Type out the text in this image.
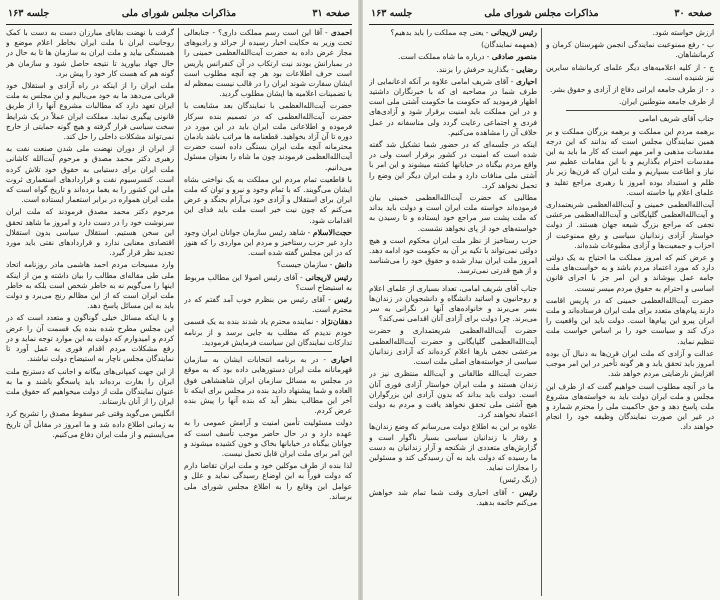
صفحه ۳۱
مذاکرات مجلس شورای ملی
جلسه ۱۶۳

احمدی - آقا این است رسم مملکت داری؟ - جنابعالی تحت وزیر به حکایت اخبار رسیده از جرائد و رادیوهای مجاز عرض داده به حضرت آیت‌الله‌العظمی خمینی را در بمبارانش بودند نیت ارتکاب در آن کنفرانس پاریس است حرف اطلاعات بود هر چه آنچه مطلوب است ایشان سفارت شوند ایران را در قالب نیست بمعظم له با تضمینات اعلامیه ها ایشان مطلوب گردید.

حضرت آیت‌الله‌العظمی با نمایندگان بعد مشایعت با حضرت آیت‌الله‌العظمی که در تصمیم بنده سرکار فرموده و اطلاعاتی ملت ایران باید در این مورد در دوره تا آن آزاد بخواهید. قطعنامه ها مراتب باشد بادمان محترمانه آنچه ملت ایران بستگی داده است حضرت آیت‌الله‌العظمی فرمودند چون ما شاه را بعنوان مسئول می‌دانیم.

با قاطعیت تمام مردم این مملکت به یک نواختی بشاه ایشان می‌گویند. که با تمام وجود و نیرو و توان که ملت ایران برای استقلال و آزادی خود بی‌آرام بجنگد و عرض می‌کنم که چون نیت خیر است ملت باید فدای این اقدامات شود.

حجت‌الاسلام - شاهد رئیس سازمان جوانان ایران وجود دارد غیر حزب رستاخیز و مردم این مواردی را که هنوز که در این مجلس گفته شده است.

دانش - سازمان جیست؟

رئیس لاریجانی - آقای رئیس اصولا این مطالب مربوط به استیضاح است؟

رئیس - آقای رئیس من بنظرم خوب آمد گفتم که در محترم است.

دهقان‌نژاد - نماینده محترم یاد شدند بنده به یک قسمی خودم ندیدم که مطلب به جایی برسد و از برنامه تدارکات نمایندگان این سیاست فرمایش فرمودید.

احیاری - در به برنامه انتخابات ایشان به سازمان قهرمانانه ملت ایران دستورهایی داده بود که به موقع در مجلس به مسائل سازمان ایران شاهنشاهی فوق العاده و شما پیشنهاد دادید بنده در مجلس برای اینکه تا آخر این مطالب بنظر آید که بنده آنها را پیش بنده عرض کردم.

دولت مسئولیت تأمین امنیت و آرامش عمومی را به عهده دارد و در حال حاضر موجب تأسف است که جوانان بیگناه در خیابانها بخاک و خون کشیده میشوند و این امر برای ملت ایران قابل تحمل نیست.

لذا بنده از طرف موکلین خود و ملت ایران تقاضا دارم که دولت فوراً به این اوضاع رسیدگی نماید و علل و عوامل این وقایع را به اطلاع مجلس شورای ملی برساند.

گرفت با نهضت بقایای مبارزان دست به دست با کمک روحانیت ایران با ملت ایران بخاطر اعلام موضع و همبستگی بیاید و ملت ایران به سازمان ها تا به حال در حال جهاد بیاورید تا نتیجه حاصل شود و سازمان هر گونه هم که هست کار خود را پیش برد.

ملت ایران را از اینکه در راه آزادی و استقلال خود قربانی می‌دهد ما به خود می‌بالیم و این مجلس به ملت ایران تعهد دارد که مطالبات مشروع آنها را از طریق قانونی پیگیری نماید. مملکت ایران عملاً در یک شرایط سخت سیاسی قرار گرفته و هیچ گونه حمایتی از خارج نمی‌تواند مشکلات داخلی را حل کند.

از ایران از دوران نهضت ملی شدن صنعت نفت به رهبری دکتر محمد مصدق و مرحوم آیت‌الله کاشانی ملت ایران برای دستیابی به حقوق خود تلاش کرده است. کنسرسیوم نفت و قراردادهای استعماری ثروت ملی این کشور را به یغما برده‌اند و تاریخ گواه است که ملت ایران همواره در برابر استعمار ایستاده است.

مرحوم دکتر محمد مصدق فرمودند که ملت ایران سرنوشت خود را در دست دارد و امروز ما شاهد تحقق این سخن هستیم. استقلال سیاسی بدون استقلال اقتصادی معنایی ندارد و قراردادهای نفتی باید مورد تجدید نظر قرار گیرد.

وارد مسیحات مردم احمد هاشمی مادر روزنامه اتحاد ملی طی مقاله‌ای مطالب را بیان داشته و من از اینکه اینها را می‌گویم نه به خاطر شخص است بلکه به خاطر ملت ایران است که از این مظالم رنج می‌برد و دولت باید به این مسائل پاسخ دهد.

و با اینکه مسائل خیلی گوناگون و متعدد است که در این مجلس مطرح شده بنده یک قسمت آن را عرض کردم و امیدوارم که دولت به این موارد توجه نماید و در رفع مشکلات مردم اقدام فوری به عمل آورد تا نمایندگان مجلس ناچار به استیضاح دولت نباشند.

از این جهت کمپانی‌های بیگانه و اجانب که دسترنج ملت ایران را بغارت برده‌اند باید پاسخگو باشند و ما به عنوان نمایندگان ملت از دولت میخواهیم که حقوق ملت ایران را از آنان بازستاند.

انگلیس می‌گوید وقتی غیر سقوط مصدق را تشریح کرد به زمانی اطلاع داده شد و ما امروز در مقابل آن تاریخ می‌ایستیم و از ملت ایران دفاع می‌کنیم.

صفحه ۳۰
مذاکرات مجلس شورای ملی
جلسه ۱۶۳

ارزش خواسته شود.

ب - رفع ممنوعیت نمایندگی انجمن شهرستان کرمان و کرمانشاهان.

ج - از کلیه اعلامیه‌های دیگر علمای کرمانشاه سایرین نیز شنیده است.

د - از طرف جامعه ایرانی دفاع از آزادی و حقوق بشر.

از طرف جامعه متوطنین ایران.

جناب آقای شریف امامی

برهمه مردم این مملکت و برهمه بزرگان مملکت و بر همین نمایندگان مجلس است که بدانند که این درجه مقدسات مذهبی و امر مهم است که کار ما باید به این مقدسات احترام بگذاریم و با این مقامات عظیم سر نیاز و اطاعت بسپاریم و ملت ایران که قرن‌ها زیر بار ظلم و استبداد بوده امروز با رهبری مراجع تقلید و علمای اعلام بپا خاسته است.

آیت‌الله‌العظمی خمینی و آیت‌الله‌العظمی شریعتمداری و آیت‌الله‌العظمی گلپایگانی و آیت‌الله‌العظمی مرعشی نجفی که مراجع بزرگ شیعه جهان هستند. از دولت خواستار آزادی زندانیان سیاسی و رفع ممنوعیت از احزاب و جمعیت‌ها و آزادی مطبوعات شده‌اند.

و عرض کنم که امروز مملکت ما احتیاج به یک دولتی دارد که مورد اعتماد مردم باشد و به خواست‌های ملت جامه عمل بپوشاند و این امر جز با اجرای قانون اساسی و احترام به حقوق مردم میسر نیست.

حضرت آیت‌الله‌العظمی خمینی که در پاریس اقامت دارند پیام‌های متعدد برای ملت ایران فرستاده‌اند و ملت ایران پیرو این پیام‌ها است. دولت باید این واقعیت را درک کند و سیاست خود را بر اساس خواست ملت تنظیم نماید.

عدالت و آزادی که ملت ایران قرن‌ها به دنبال آن بوده امروز باید تحقق یابد و هر گونه تأخیر در این امر موجب افزایش نارضایتی مردم خواهد شد.

ما در آنچه مطلوب است خواهیم گفت که از طرف این مجلس و ملت ایران دولت باید به خواسته‌های مشروع ملت پاسخ دهد و حق حاکمیت ملی را محترم شمارد و در غیر این صورت نمایندگان وظیفه خود را انجام خواهند داد.

رئیس لاریجانی - یعنی چه مملکت را باید بدهیم؟

(همهمه نمایندگان)

منصور صادقی - درباره ما شاه مملکت است.

رضایی - بگذارید حرفش را بزنند.

احیاری - آقای شریف امامی علاوه بر آنکه ادعانمایی از طرف شما در مصاحبه ای که با خبرنگاران داشتید اظهار فرمودید که حکومت ما حکومت آشتی ملی است و در این مملکت باید امنیت برقرار شود و آزادی‌های فردی و اجتماعی رعایت گردد ولی متاسفانه در عمل خلاف آن را مشاهده می‌کنیم.

اینکه در جلسه‌ای که در حضور شما تشکیل شد گفته شده است که امنیت در کشور برقرار است ولی در واقع مردم بیگناه در خیابانها کشته میشوند و این امر با آشتی ملی منافات دارد و ملت ایران دیگر این وضع را تحمل نخواهد کرد.

مطالبی که حضرت آیت‌الله‌العظمی خمینی بیان فرموده‌اند خواسته ملت ایران است و دولت باید بداند که ملت پشت سر مراجع خود ایستاده و تا رسیدن به خواسته‌های خود از پای نخواهد نشست.

حزب رستاخیز از نظر ملت ایران محکوم است و هیچ دولتی نمی‌تواند با تکیه بر آن به حکومت خود ادامه دهد. امروز ملت ایران بیدار شده و حقوق خود را می‌شناسد و از هیچ قدرتی نمی‌ترسد.

جناب آقای شریف امامی، تعداد بسیاری از علمای اعلام و روحانیون و اساتید دانشگاه و دانشجویان در زندان‌ها بسر می‌برند و خانواده‌های آنها در نگرانی به سر می‌برند. چرا دولت برای آزادی آنان اقدامی نمی‌کند؟

حضرت آیت‌الله‌العظمی شریعتمداری و حضرت آیت‌الله‌العظمی گلپایگانی و حضرت آیت‌الله‌العظمی مرعشی نجفی بارها اعلام کرده‌اند که آزادی زندانیان سیاسی از خواسته‌های اصلی ملت است.

حضرت آیت‌الله طالقانی و آیت‌الله منتظری نیز در زندان هستند و ملت ایران خواستار آزادی فوری آنان است. دولت باید بداند که بدون آزادی این بزرگواران هیچ آشتی ملی تحقق نخواهد یافت و مردم به دولت اعتماد نخواهند کرد.

علاوه بر این به اطلاع دولت می‌رسانم که وضع زندان‌ها و رفتار با زندانیان سیاسی بسیار ناگوار است و گزارش‌های متعددی از شکنجه و آزار زندانیان به دست ما رسیده که دولت باید به آن رسیدگی کند و مسئولین را مجازات نماید.

(زنگ رئیس)

رئیس - آقای احیاری وقت شما تمام شد خواهش می‌کنم خاتمه بدهید.
